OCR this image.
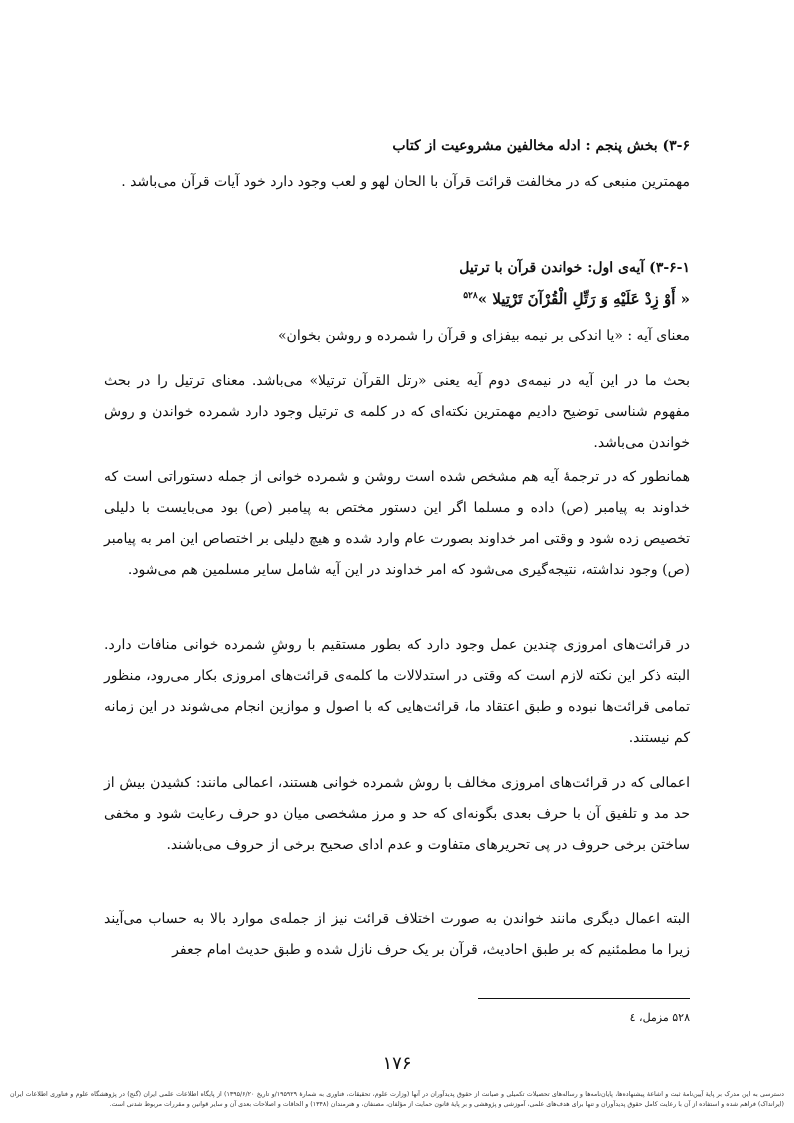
۳-۶) بخش پنجم : ادله مخالفین مشروعیت از کتاب
مهمترین منبعی که در مخالفت قرائت قرآن با الحان لهو و لعب وجود دارد خود آیات قرآن می‌باشد .
۳-۶-۱) آیه‌ی اول: خواندن قرآن با ترتیل
« أَوْ زِدْ عَلَيْهِ وَ رَتِّلِ الْقُرْآنَ تَرْتِيلا »$^{۵۲۸}$
معنای آیه : «یا اندکی بر نیمه بیفزای و قرآن را شمرده و روشن بخوان»
بحث ما در این آیه در نیمه‌ی دوم آیه یعنی «رتل القرآن ترتیلا» می‌باشد. معنای ترتیل را در بحث مفهوم شناسی توضیح دادیم مهمترین نکته‌ای که در کلمه ی ترتیل وجود دارد شمرده خواندن و روش خواندن می‌باشد.
همانطور که در ترجمهٔ آیه هم مشخص شده است روشن و شمرده خوانی از جمله دستوراتی است که خداوند به پیامبر (ص) داده و مسلما اگر این دستور مختص به پیامبر (ص) بود می‌بایست با دلیلی تخصیص زده شود و وقتی امر خداوند بصورت عام وارد شده و هیچ دلیلی بر اختصاص این امر به پیامبر (ص) وجود نداشته، نتیجه‌گیری می‌شود که امر خداوند در این آیه شامل سایر مسلمین هم می‌شود.
در قرائت‌های امروزی چندین عمل وجود دارد که بطور مستقیم با روشِ شمرده خوانی منافات دارد. البته ذکر این نکته لازم است که وقتی در استدلالات ما کلمه‌ی قرائت‌های امروزی بکار می‌رود، منظور تمامی قرائت‌ها نبوده و طبق اعتقاد ما، قرائت‌هایی که با اصول و موازین انجام می‌شوند در این زمانه کم نیستند.
اعمالی که در قرائت‌های امروزی مخالف با روش شمرده خوانی هستند، اعمالی مانند: کشیدن بیش از حد مد و تلفیق آن با حرف بعدی بگونه‌ای که حد و مرز مشخصی میان دو حرف رعایت شود و مخفی ساختن برخی حروف در پی تحریرهای متفاوت و عدم ادای صحیح برخی از حروف می‌باشند.
البته اعمال دیگری مانند خواندن به صورت اختلاف قرائت نیز از جمله‌ی موارد بالا به حساب می‌آیند زیرا ما مطمئنیم که بر طبق احادیث، قرآن بر یک حرف نازل شده و طبق حدیث امام جعفر
۵۲۸ مزمل، ٤
۱۷۶
دسترسی به این مدرک بر پایهٔ آیین‌نامهٔ ثبت و اشاعهٔ پیشنهاده‌ها، پایان‌نامه‌ها و رساله‌های تحصیلات تکمیلی و صیانت از حقوق پدیدآوران در آنها (وزارت علوم، تحقیقات، فناوری به شمارهٔ ۱۹۵۹۲۹/و تاریخ ۱۳۹۵/۶/۲۰) از پایگاه اطلاعات علمی ایران (گنج) در پژوهشگاه علوم و فناوری اطلاعات ایران (ایرانداک) فراهم شده و استفاده از آن با رعایت کامل حقوق پدیدآوران و تنها برای هدف‌های علمی، آموزشی و پژوهشی و بر پایهٔ قانون حمایت از مؤلفان، مصنفان، و هنرمندان (۱۳۴۸) و الحاقات و اصلاحات بعدی آن و سایر قوانین و مقررات مربوط شدنی است.
